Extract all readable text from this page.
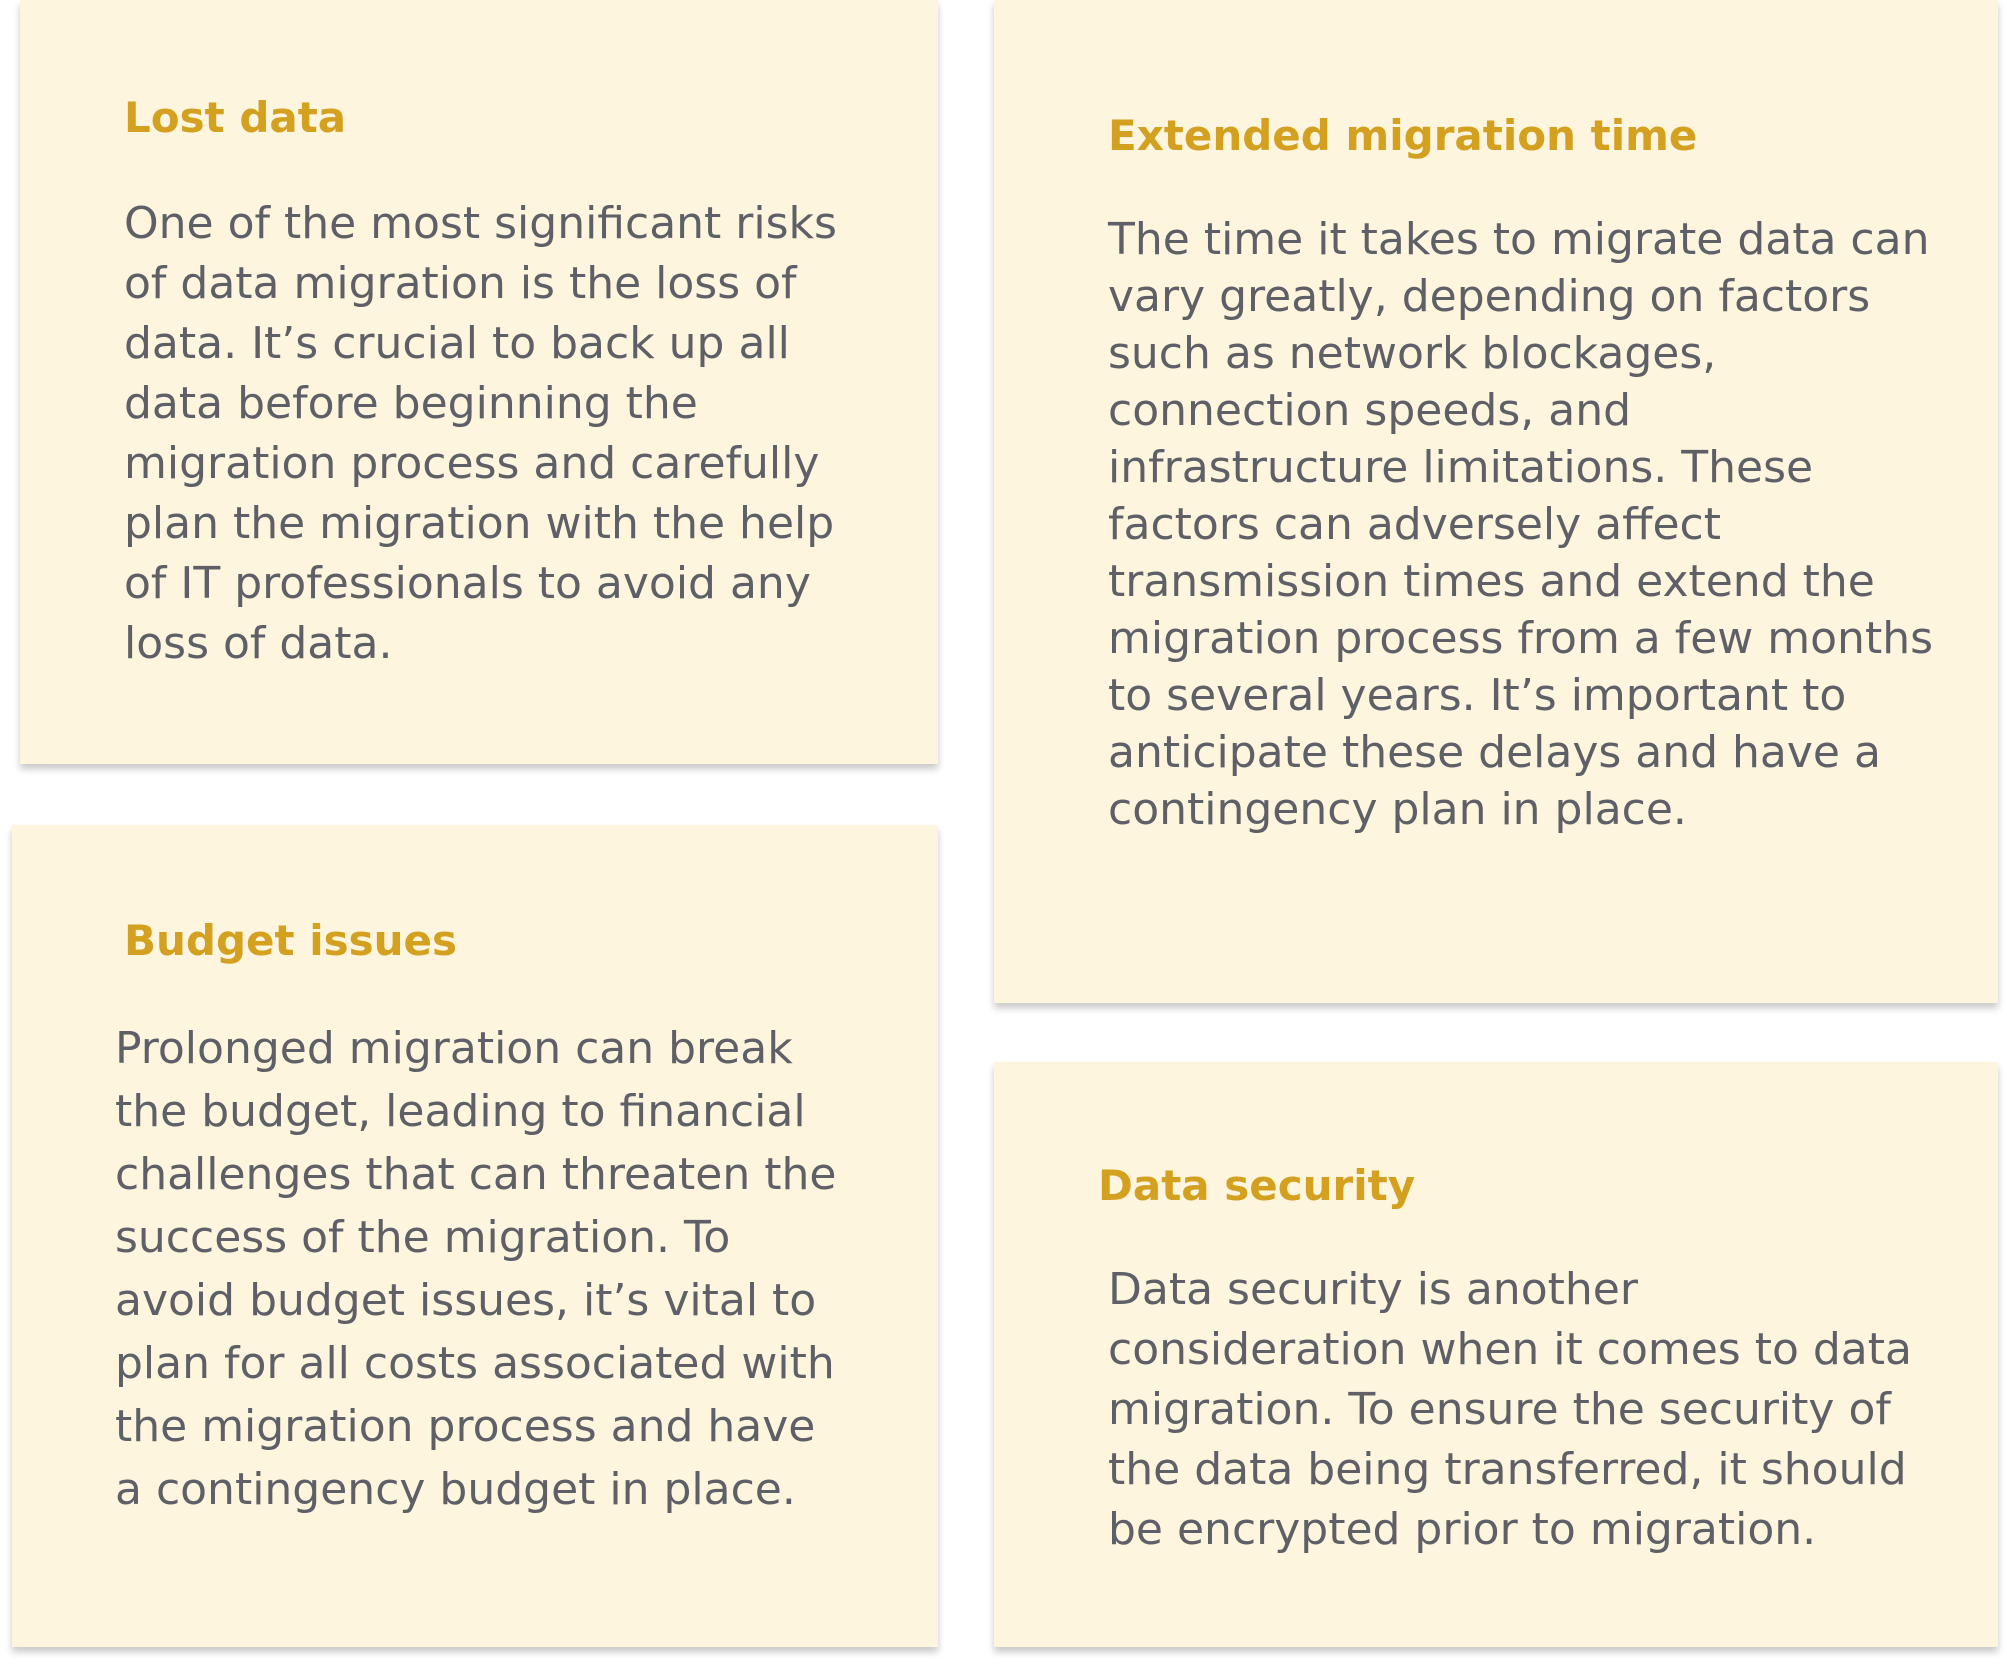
Lost data

One of the most significant risks
of data migration is the loss of
data. It’s crucial to back up all
data before beginning the
migration process and carefully
plan the migration with the help
of IT professionals to avoid any
loss of data.

Extended migration time

The time it takes to migrate data can
vary greatly, depending on factors
such as network blockages,
connection speeds, and
infrastructure limitations. These
factors can adversely affect
transmission times and extend the
migration process from a few months
to several years. It’s important to
anticipate these delays and have a
contingency plan in place.

Budget issues

Prolonged migration can break
the budget, leading to financial
challenges that can threaten the
success of the migration. To
avoid budget issues, it’s vital to
plan for all costs associated with
the migration process and have
a contingency budget in place.

Data security

Data security is another
consideration when it comes to data
migration. To ensure the security of
the data being transferred, it should
be encrypted prior to migration.
